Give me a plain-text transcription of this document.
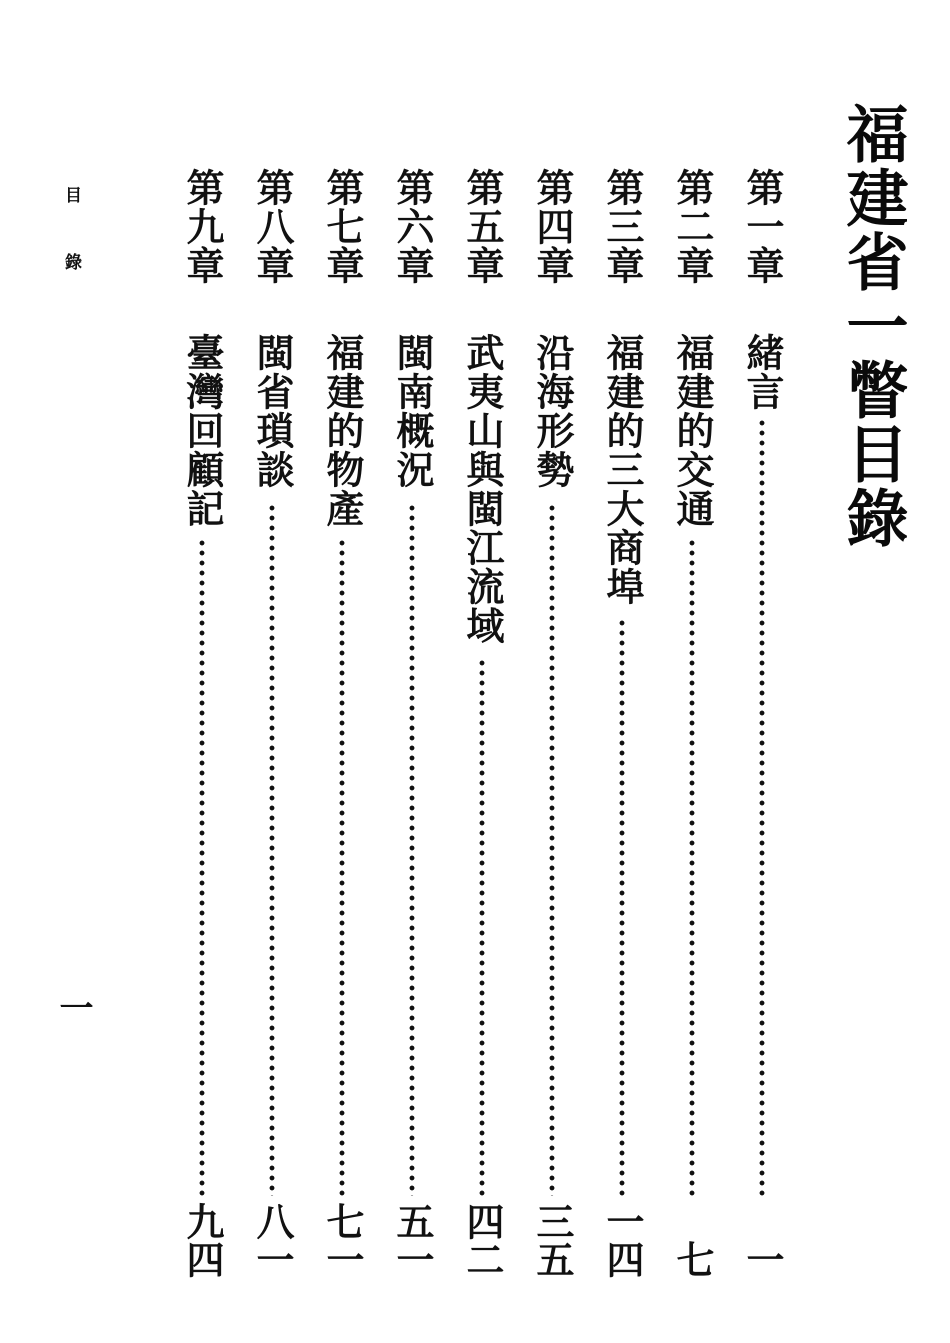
福建省一瞥目錄
第一章
緒言
一
第二章
福建的交通
七
第三章
福建的三大商埠
一四
第四章
沿海形勢
三五
第五章
武夷山與閩江流域
四二
第六章
閩南概況
五一
第七章
福建的物產
七一
第八章
閩省瑣談
八一
第九章
臺灣回顧記
九四
目錄
一
